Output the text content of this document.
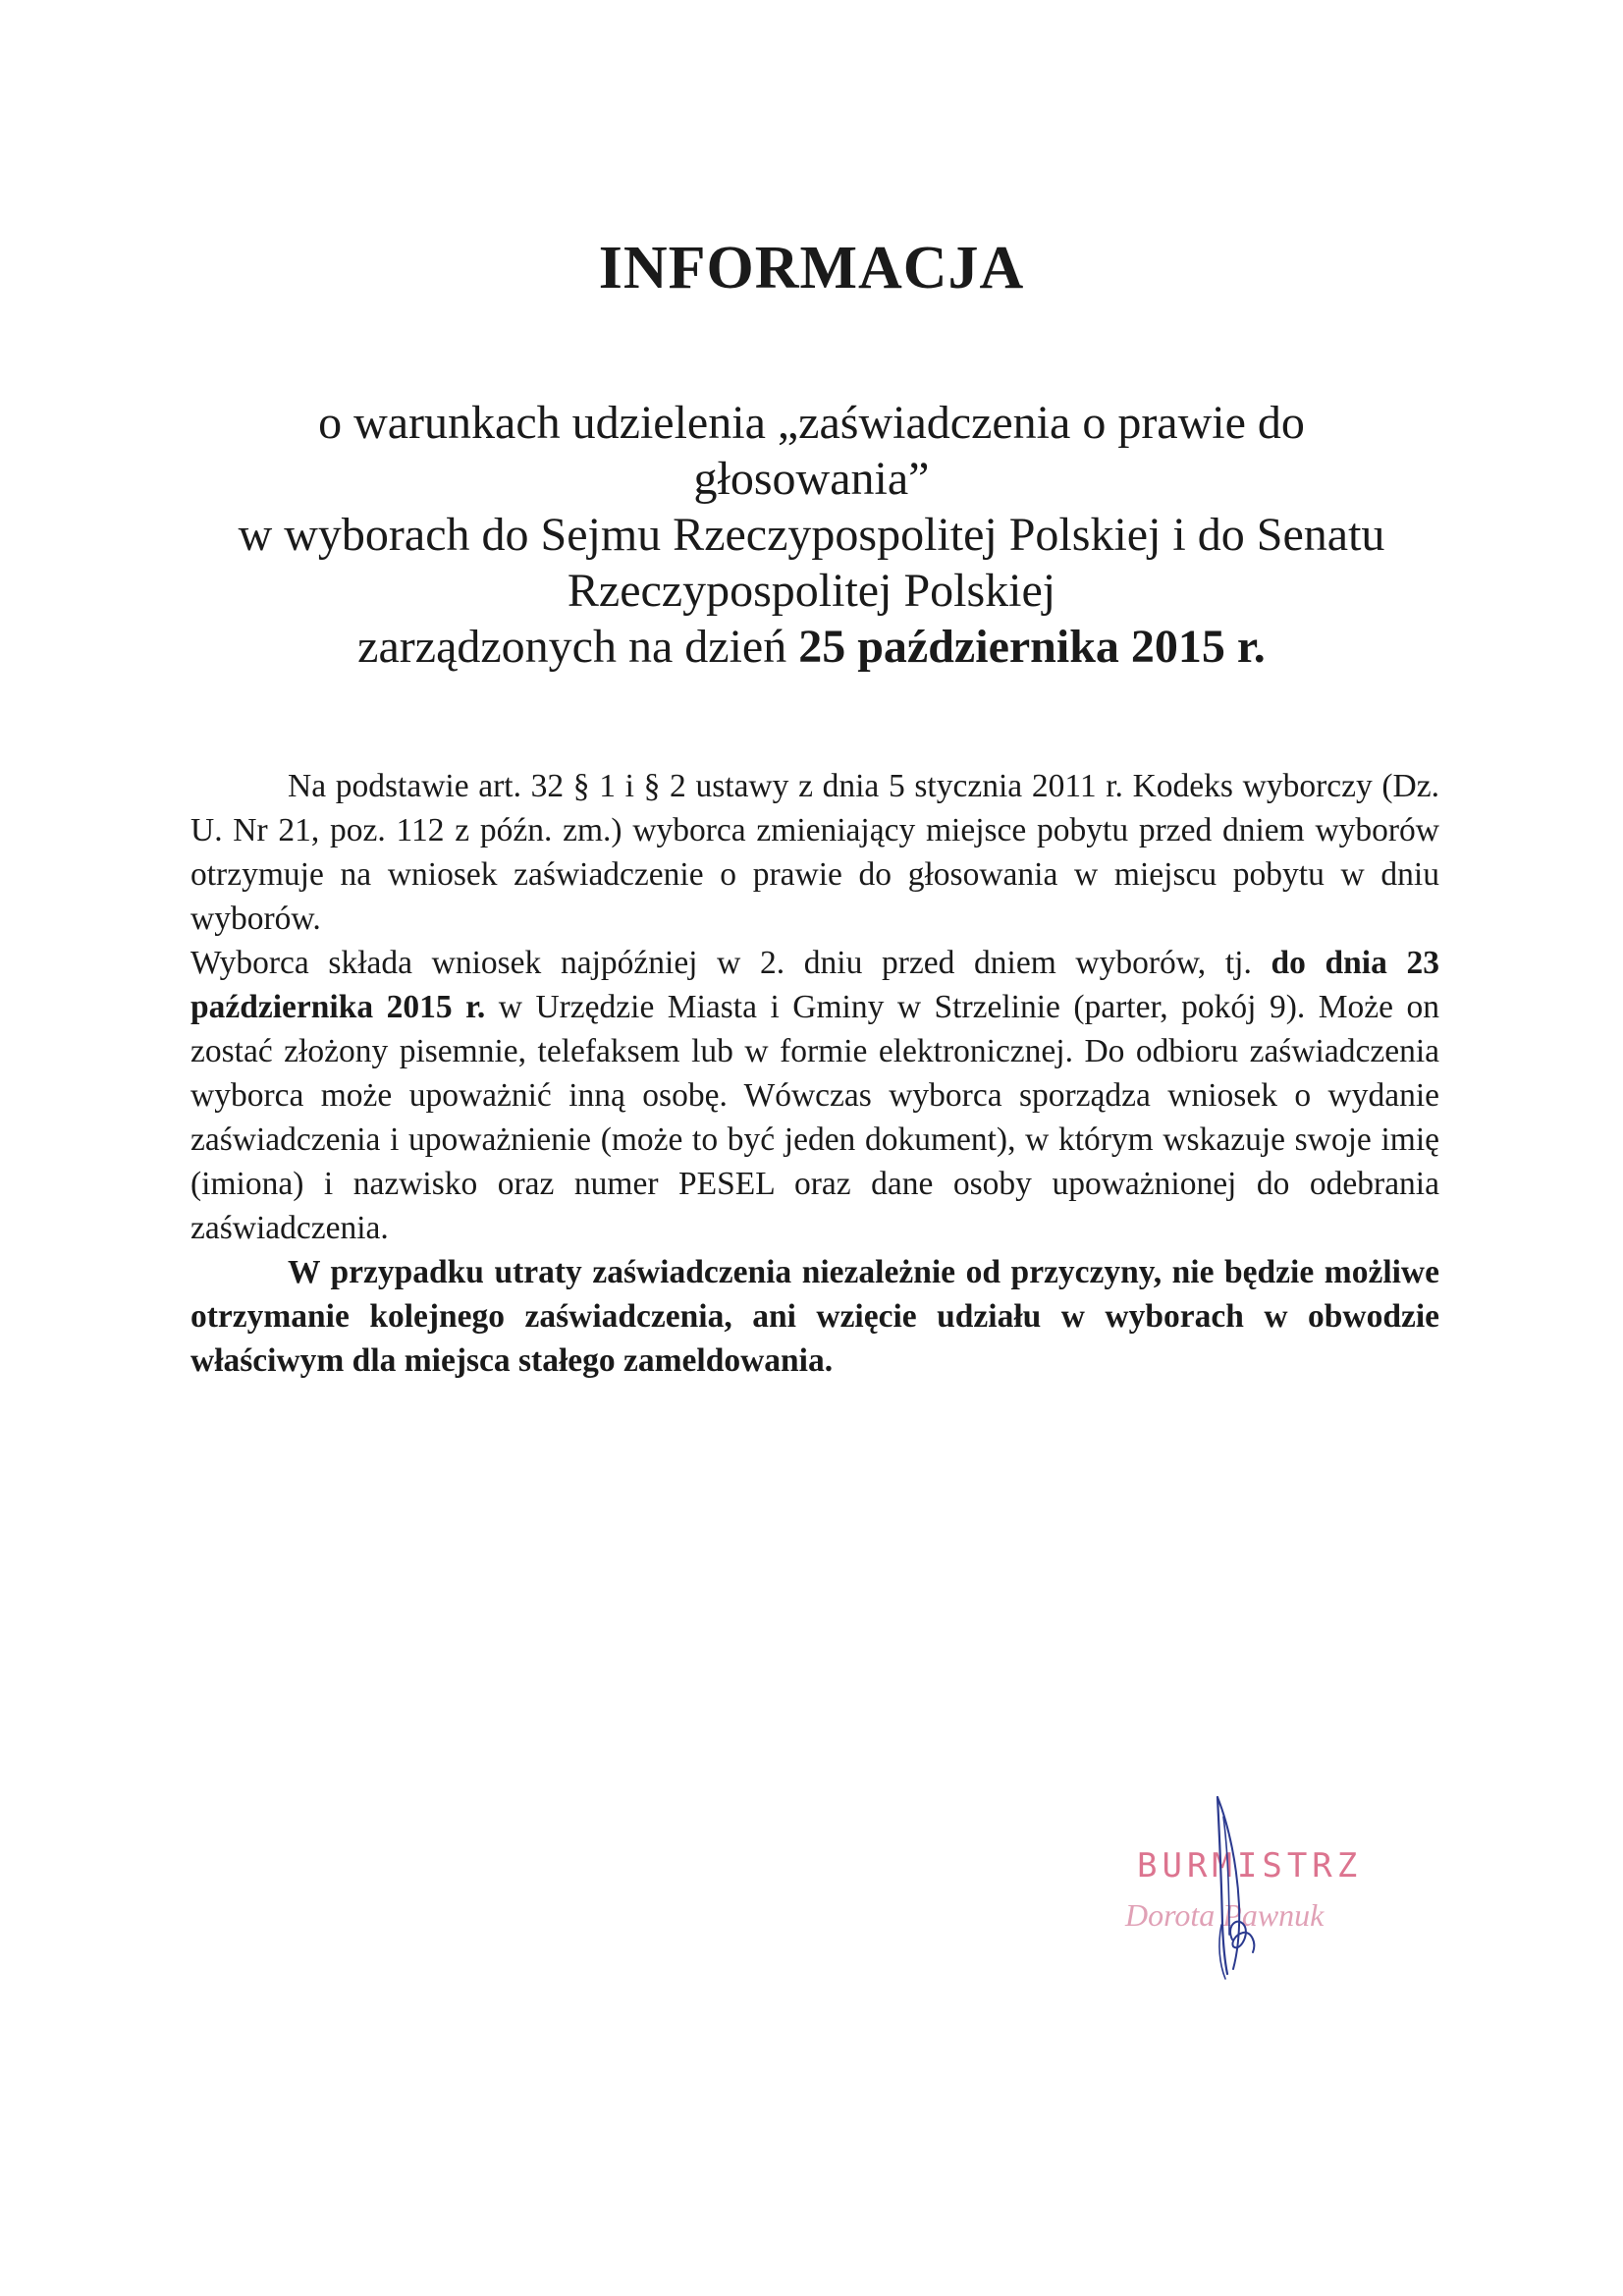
INFORMACJA
o warunkach udzielenia „zaświadczenia o prawie do
głosowania”
w wyborach do Sejmu Rzeczypospolitej Polskiej i do Senatu
Rzeczypospolitej Polskiej
zarządzonych na dzień 25 października 2015 r.

Na podstawie art. 32 § 1 i § 2 ustawy z dnia 5 stycznia 2011 r. Kodeks wyborczy (Dz. U. Nr 21, poz. 112 z późn. zm.) wyborca zmieniający miejsce pobytu przed dniem wyborów otrzymuje na wniosek zaświadczenie o prawie do głosowania w miejscu pobytu w dniu wyborów.

Wyborca składa wniosek najpóźniej w 2. dniu przed dniem wyborów, tj. do dnia 23 października 2015 r. w Urzędzie Miasta i Gminy w Strzelinie (parter, pokój 9). Może on zostać złożony pisemnie, telefaksem lub w formie elektronicznej. Do odbioru zaświadczenia wyborca może upoważnić inną osobę. Wówczas wyborca sporządza wniosek o wydanie zaświadczenia i upoważnienie (może to być jeden dokument), w którym wskazuje swoje imię (imiona) i nazwisko oraz numer PESEL oraz dane osoby upoważnionej do odebrania zaświadczenia.

W przypadku utraty zaświadczenia niezależnie od przyczyny, nie będzie możliwe otrzymanie kolejnego zaświadczenia, ani wzięcie udziału w wyborach w obwodzie właściwym dla miejsca stałego zameldowania.

BURMISTRZ
Dorota Pawnuk
